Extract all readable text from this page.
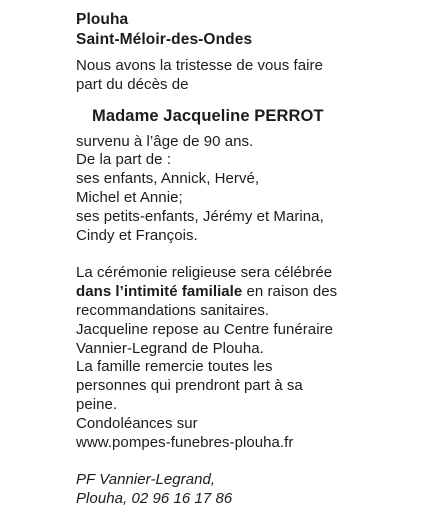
Plouha
Saint-Méloir-des-Ondes
Nous avons la tristesse de vous faire
part du décès de
Madame Jacqueline PERROT
survenu à l’âge de 90 ans.
De la part de :
ses enfants, Annick, Hervé,
Michel et Annie;
ses petits-enfants, Jérémy et Marina,
Cindy et François.
La cérémonie religieuse sera célébrée
dans l’intimité familiale en raison des
recommandations sanitaires.
Jacqueline repose au Centre funéraire
Vannier-Legrand de Plouha.
La famille remercie toutes les
personnes qui prendront part à sa
peine.
Condoléances sur
www.pompes-funebres-plouha.fr
PF Vannier-Legrand,
Plouha, 02 96 16 17 86
